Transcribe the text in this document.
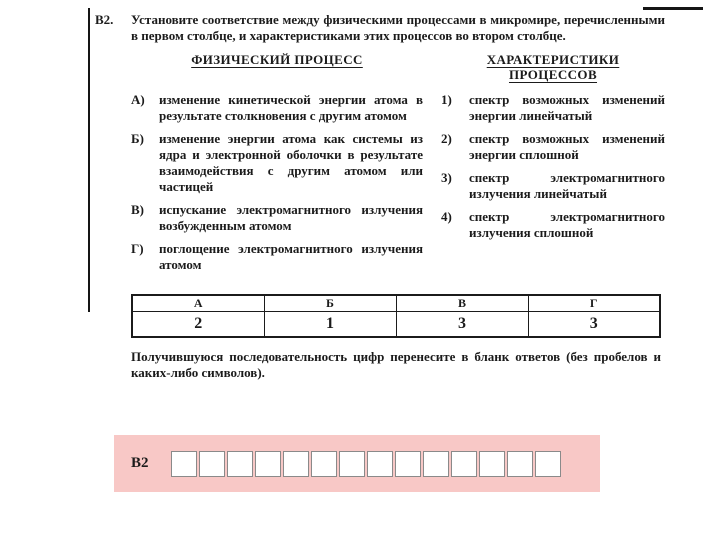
В2.	Установите соответствие между физическими процессами в микромире, перечисленными в первом столбце, и характеристиками этих процессов во втором столбце.
ФИЗИЧЕСКИЙ ПРОЦЕСС
А)	изменение кинетической энергии атома в результате столкновения с другим атомом
Б)	изменение энергии атома как системы из ядра и электронной оболочки в результате взаимодействия с другим атомом или частицей
В)	испускание электромагнитного излучения возбужденным атомом
Г)	поглощение электромагнитного излучения атомом
ХАРАКТЕРИСТИКИ ПРОЦЕССОВ
1)	спектр возможных изменений энергии линейчатый
2)	спектр возможных изменений энергии сплошной
3)	спектр электромагнитного излучения линейчатый
4)	спектр электромагнитного излучения сплошной
А	Б	В	Г
2	1	3	3
Получившуюся последовательность цифр перенесите в бланк ответов (без пробелов и каких-либо символов).
В2
